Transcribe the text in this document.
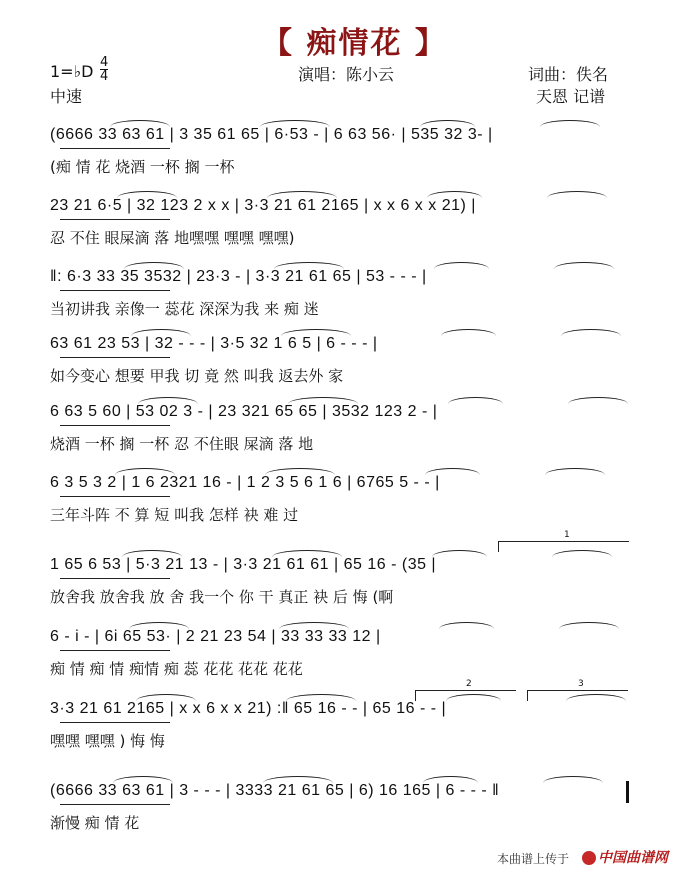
【 痴情花 】
1=♭D 4
4
中速
演唱：陈小云	词曲：佚名
天恩 记谱
(6666 33 63 61 | 3 35 61 65 | 6·53 - | 6 63 56· | 535 32 3- |
(痴 情 花 烧酒 一杯 搁 一杯
23 21 6·5 | 32 123 2 x x | 3·3 21 61 2165 | x x 6 x x 21) |
忍 不住 眼屎滴 落 地嘿嘿 嘿嘿 嘿嘿)
‖: 6·3 33 35 3532 | 23·3 - | 3·3 21 61 65 | 53 - - - |
当初讲我 亲像一 蕊花 深深为我 来 痴 迷
63 61 23 53 | 32 - - - | 3·5 32 1 6 5 | 6 - - - |
如今变心 想要 甲我 切 竟 然 叫我 返去外 家
6 63 5 60 | 53 02 3 - | 23 321 65 65 | 3532 123 2 - |
烧酒 一杯 搁 一杯 忍 不住眼 屎滴 落 地
6 3 5 3 2 | 1 6 2321 16 - | 1 2 3 5 6 1 6 | 6765 5 - - |
三年斗阵 不 算 短 叫我 怎样 袂 难 过
1 65 6 53 | 5·3 21 13 - | 3·3 21 61 61 | 65 16 - (35 |
放舍我 放舍我 放 舍 我一个 你 干 真正 袂 后 悔 (啊
6 - i - | 6i 65 53· | 2 21 23 54 | 33 33 33 12 |
痴 情 痴 情 痴情 痴 蕊 花花 花花 花花
3·3 21 61 2165 | x x 6 x x 21) :‖ 65 16 - - | 65 16 - - |
嘿嘿 嘿嘿 ) 悔 悔
(6666 33 63 61 | 3 - - - | 3333 21 61 65 | 6) 16 165 | 6 - - - ‖
渐慢 痴 情 花
1
2	3
本曲谱上传于	中国曲谱网
